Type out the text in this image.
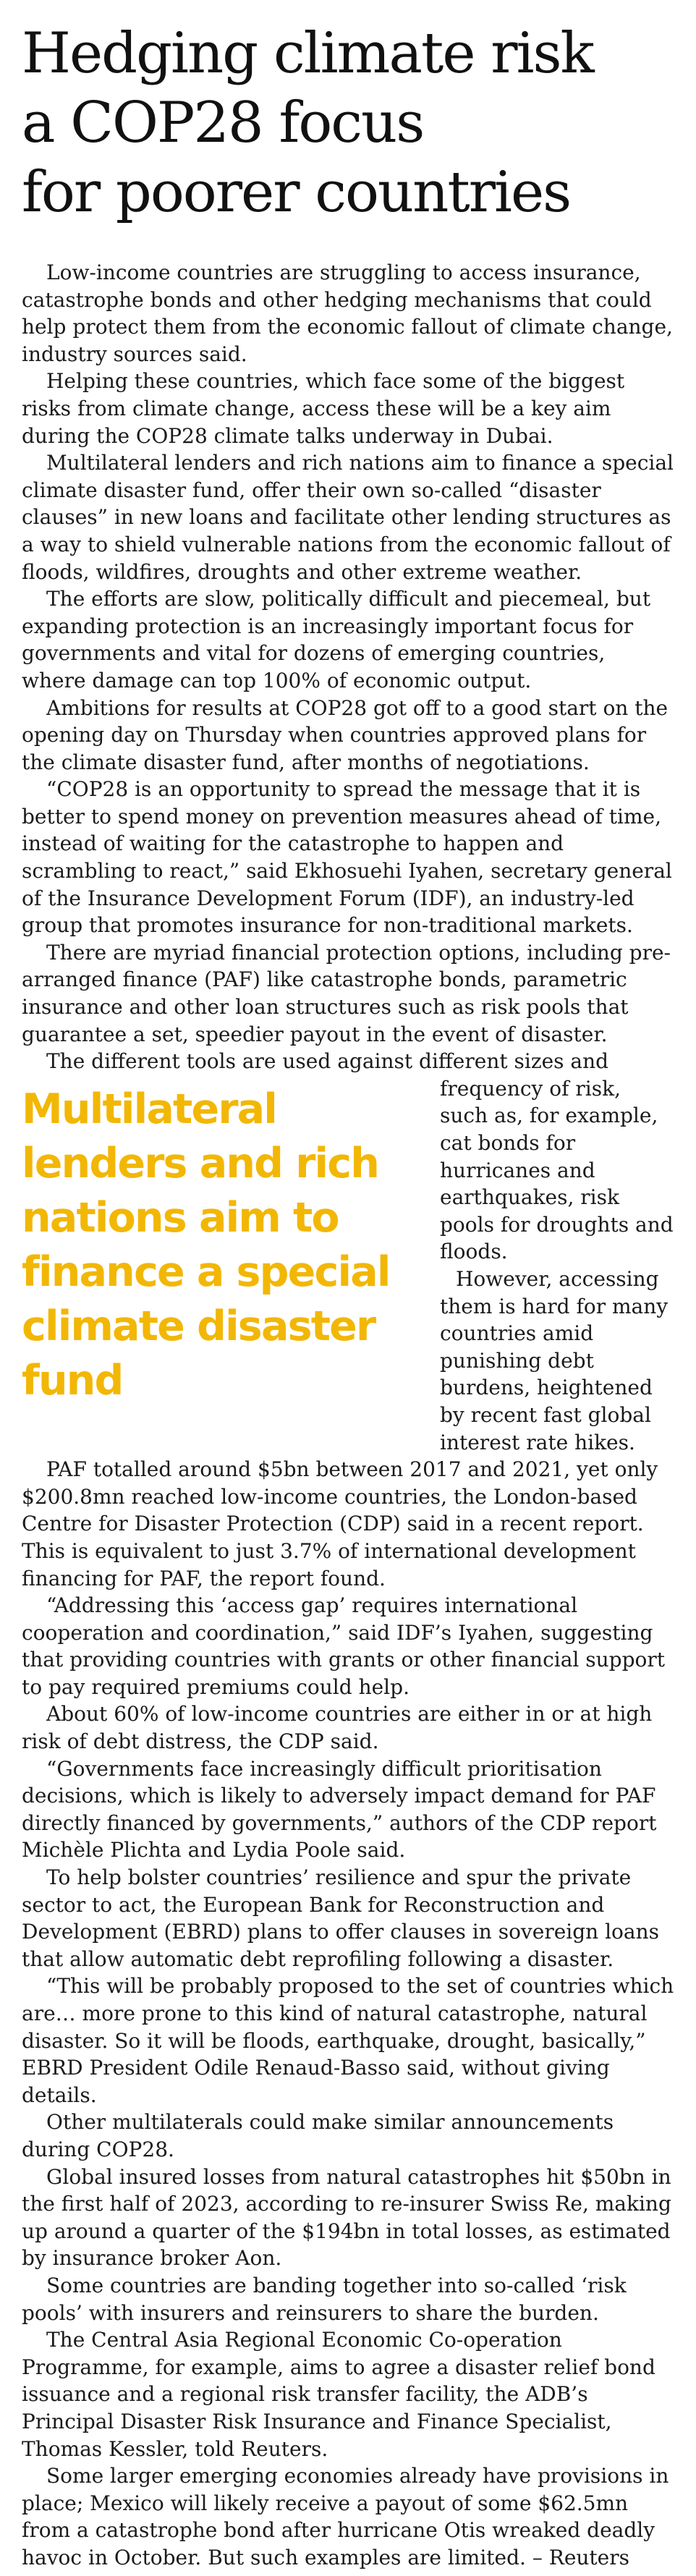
Hedging climate risk
a COP28 focus
for poorer countries

Low-income countries are struggling to access insurance, catastrophe bonds and other hedging mechanisms that could help protect them from the economic fallout of climate change, industry sources said.

Helping these countries, which face some of the biggest risks from climate change, access these will be a key aim during the COP28 climate talks underway in Dubai.

Multilateral lenders and rich nations aim to finance a special climate disaster fund, offer their own so-called “disaster clauses” in new loans and facilitate other lending structures as a way to shield vulnerable nations from the economic fallout of floods, wildfires, droughts and other extreme weather.

The efforts are slow, politically difficult and piecemeal, but expanding protection is an increasingly important focus for governments and vital for dozens of emerging countries, where damage can top 100% of economic output.

Ambitions for results at COP28 got off to a good start on the opening day on Thursday when countries approved plans for the climate disaster fund, after months of negotiations.

“COP28 is an opportunity to spread the message that it is better to spend money on prevention measures ahead of time, instead of waiting for the catastrophe to happen and scrambling to react,” said Ekhosuehi Iyahen, secretary general of the Insurance Development Forum (IDF), an industry-led group that promotes insurance for non-traditional markets.

There are myriad financial protection options, including pre-arranged finance (PAF) like catastrophe bonds, parametric insurance and other loan structures such as risk pools that guarantee a set, speedier payout in the event of disaster.

The different tools are used against different sizes and

Multilateral lenders and rich nations aim to finance a special climate disaster fund

frequency of risk, such as, for example, cat bonds for hurricanes and earthquakes, risk pools for droughts and floods.

However, accessing them is hard for many countries amid punishing debt burdens, heightened by recent fast global interest rate hikes.

PAF totalled around $5bn between 2017 and 2021, yet only $200.8mn reached low-income countries, the London-based Centre for Disaster Protection (CDP) said in a recent report. This is equivalent to just 3.7% of international development financing for PAF, the report found.

“Addressing this ‘access gap’ requires international cooperation and coordination,” said IDF’s Iyahen, suggesting that providing countries with grants or other financial support to pay required premiums could help.

About 60% of low-income countries are either in or at high risk of debt distress, the CDP said.

“Governments face increasingly difficult prioritisation decisions, which is likely to adversely impact demand for PAF directly financed by governments,” authors of the CDP report Michèle Plichta and Lydia Poole said.

To help bolster countries’ resilience and spur the private sector to act, the European Bank for Reconstruction and Development (EBRD) plans to offer clauses in sovereign loans that allow automatic debt reprofiling following a disaster.

“This will be probably proposed to the set of countries which are… more prone to this kind of natural catastrophe, natural disaster. So it will be floods, earthquake, drought, basically,” EBRD President Odile Renaud-Basso said, without giving details.

Other multilaterals could make similar announcements during COP28.

Global insured losses from natural catastrophes hit $50bn in the first half of 2023, according to re-insurer Swiss Re, making up around a quarter of the $194bn in total losses, as estimated by insurance broker Aon.

Some countries are banding together into so-called ‘risk pools’ with insurers and reinsurers to share the burden.

The Central Asia Regional Economic Co-operation Programme, for example, aims to agree a disaster relief bond issuance and a regional risk transfer facility, the ADB’s Principal Disaster Risk Insurance and Finance Specialist, Thomas Kessler, told Reuters.

Some larger emerging economies already have provisions in place; Mexico will likely receive a payout of some $62.5mn from a catastrophe bond after hurricane Otis wreaked deadly havoc in October. But such examples are limited. – Reuters
